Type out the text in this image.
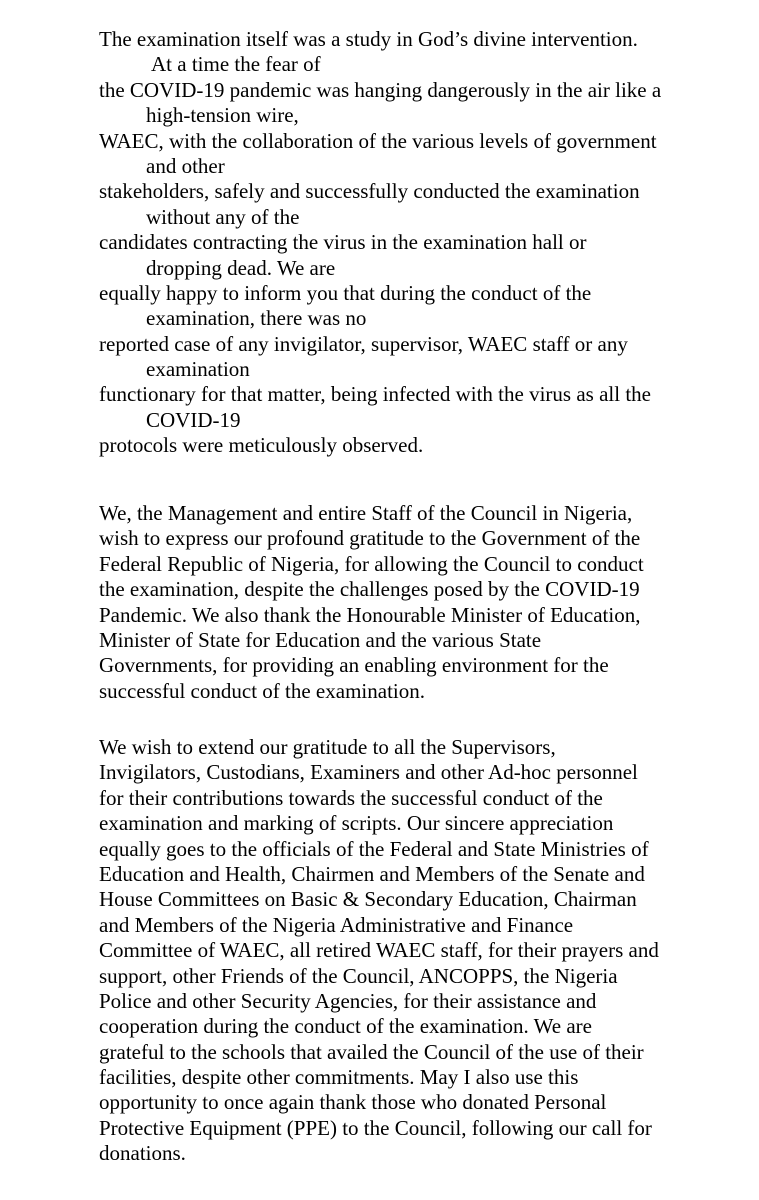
The examination itself was a study in God’s divine intervention.
At a time the fear of
the COVID-19 pandemic was hanging dangerously in the air like a
high-tension wire,
WAEC, with the collaboration of the various levels of government
and other
stakeholders, safely and successfully conducted the examination
without any of the
candidates contracting the virus in the examination hall or
dropping dead. We are
equally happy to inform you that during the conduct of the
examination, there was no
reported case of any invigilator, supervisor, WAEC staff or any
examination
functionary for that matter, being infected with the virus as all the
COVID-19
protocols were meticulously observed.
We, the Management and entire Staff of the Council in Nigeria,
wish to express our profound gratitude to the Government of the
Federal Republic of Nigeria, for allowing the Council to conduct
the examination, despite the challenges posed by the COVID-19
Pandemic. We also thank the Honourable Minister of Education,
Minister of State for Education and the various State
Governments, for providing an enabling environment for the
successful conduct of the examination.
We wish to extend our gratitude to all the Supervisors,
Invigilators, Custodians, Examiners and other Ad-hoc personnel
for their contributions towards the successful conduct of the
examination and marking of scripts. Our sincere appreciation
equally goes to the officials of the Federal and State Ministries of
Education and Health, Chairmen and Members of the Senate and
House Committees on Basic & Secondary Education, Chairman
and Members of the Nigeria Administrative and Finance
Committee of WAEC, all retired WAEC staff, for their prayers and
support, other Friends of the Council, ANCOPPS, the Nigeria
Police and other Security Agencies, for their assistance and
cooperation during the conduct of the examination. We are
grateful to the schools that availed the Council of the use of their
facilities, despite other commitments. May I also use this
opportunity to once again thank those who donated Personal
Protective Equipment (PPE) to the Council, following our call for
donations.
